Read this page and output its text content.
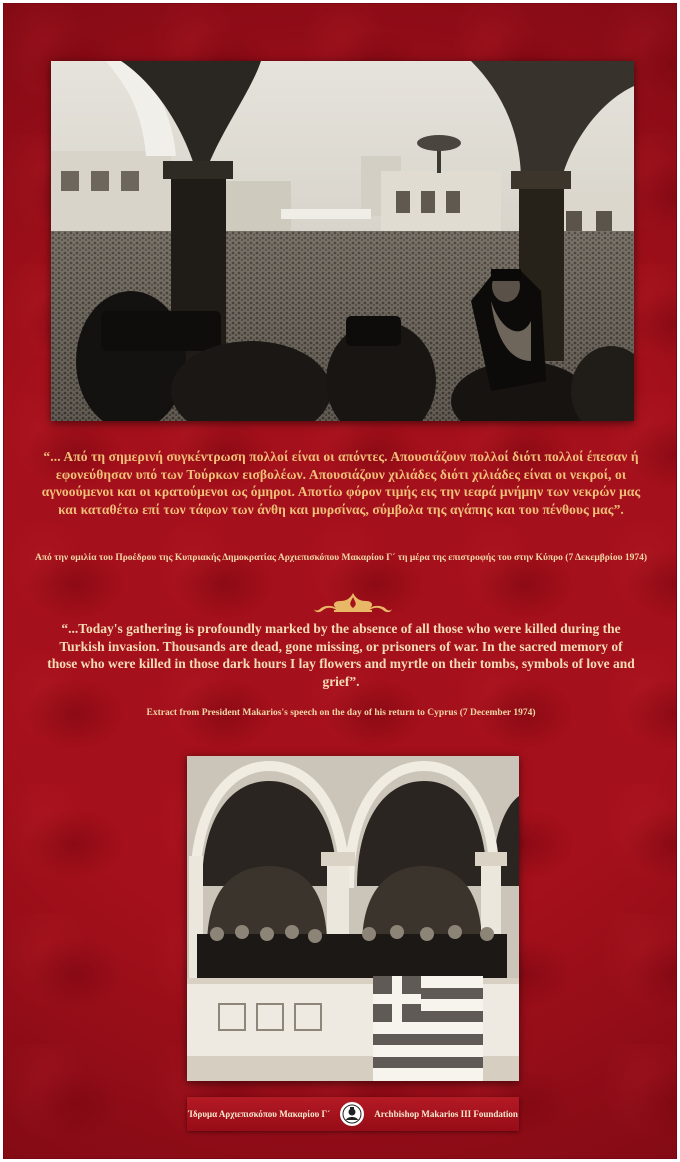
“... Από τη σημερινή συγκέντρωση πολλοί είναι οι απόντες. Απουσιάζουν πολλοί διότι πολλοί έπεσαν ή εφονεύθησαν υπό των Τούρκων εισβολέων. Απουσιάζουν χιλιάδες διότι χιλιάδες είναι οι νεκροί, οι αγνοούμενοι και οι κρατούμενοι ως όμηροι. Αποτίω φόρον τιμής εις την ιεαρά μνήμην των νεκρών μας και καταθέτω επί των τάφων των άνθη και μυρσίνας, σύμβολα της αγάπης και του πένθους μας”.
Από την ομιλία του Προέδρου της Κυπριακής Δημοκρατίας Αρχιεπισκόπου Μακαρίου Γ´ τη μέρα της επιστροφής του στην Κύπρο (7 Δεκεμβρίου 1974)
“...Today's gathering is profoundly marked by the absence of all those who were killed during the Turkish invasion. Thousands are dead, gone missing, or prisoners of war. In the sacred memory of those who were killed in those dark hours I lay flowers and myrtle on their tombs, symbols of love and grief”.
Extract from President Makarios's speech on the day of his return to Cyprus (7 December 1974)
Ίδρυμα Αρχιεπισκόπου Μακαρίου Γ´	Archbishop Makarios III Foundation
